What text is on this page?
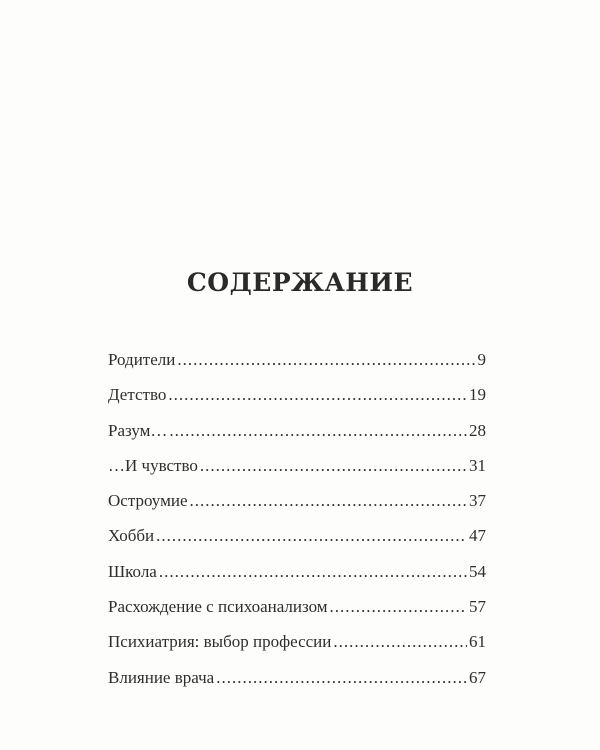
СОДЕРЖАНИЕ
Родители .....	9
Детство .....	19
Разум… .....	28
…И чувство .....	31
Остроумие .....	37
Хобби .....	47
Школа .....	54
Расхождение с психоанализом .....	57
Психиатрия: выбор профессии .....	61
Влияние врача .....	67
